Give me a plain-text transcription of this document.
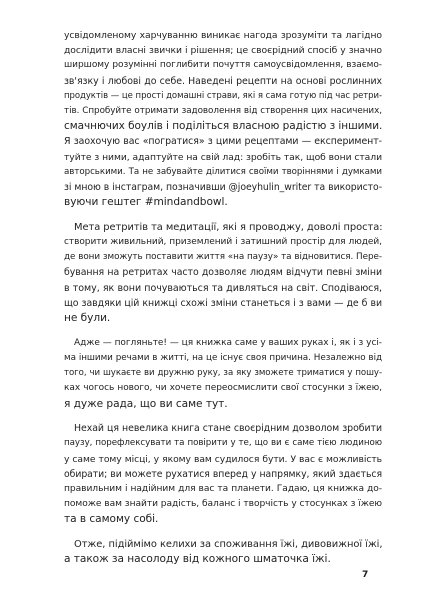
усвідомленому харчуванню виникає нагода зрозуміти та лагідно
дослідити власні звички і рішення; це своєрідний спосіб у значно
ширшому розумінні поглибити почуття самоусвідомлення, взаємо-
зв'язку і любові до себе. Наведені рецепти на основі рослинних
продуктів — це прості домашні страви, які я сама готую під час ретри-
тів. Спробуйте отримати задоволення від створення цих насичених,
смачнючих боулів і поділіться власною радістю з іншими.
Я заохочую вас «погратися» з цими рецептами — експеримент-
туйте з ними, адаптуйте на свій лад: зробіть так, щоб вони стали
авторськими. Та не забувайте ділитися своїми творіннями і думками
зі мною в інстаграм, позначивши @joeyhulin_writer та використо-
вуючи гештег #mindandbowl.
Мета ретритів та медитації, які я проводжу, доволі проста:
створити живильний, приземлений і затишний простір для людей,
де вони зможуть поставити життя «на паузу» та відновитися. Пере-
бування на ретритах часто дозволяє людям відчути певні зміни
в тому, як вони почуваються та дивляться на світ. Сподіваюся,
що завдяки цій книжці схожі зміни станеться і з вами — де б ви
не були.
Адже — погляньте! — ця книжка саме у ваших руках і, як і з усі-
ма іншими речами в житті, на це існує своя причина. Незалежно від
того, чи шукаєте ви дружню руку, за яку зможете триматися у пошу-
ках чогось нового, чи хочете переосмислити свої стосунки з їжею,
я дуже рада, що ви саме тут.
Нехай ця невелика книга стане своєрідним дозволом зробити
паузу, порефлексувати та повірити у те, що ви є саме тією людиною
у саме тому місці, у якому вам судилося бути. У вас є можливість
обирати; ви можете рухатися вперед у напрямку, який здається
правильним і надійним для вас та планети. Гадаю, ця книжка до-
поможе вам знайти радість, баланс і творчість у стосунках з їжею
та в самому собі.
Отже, підіймімо келихи за споживання їжі, дивовижної їжі,
а також за насолоду від кожного шматочка їжі.
7
